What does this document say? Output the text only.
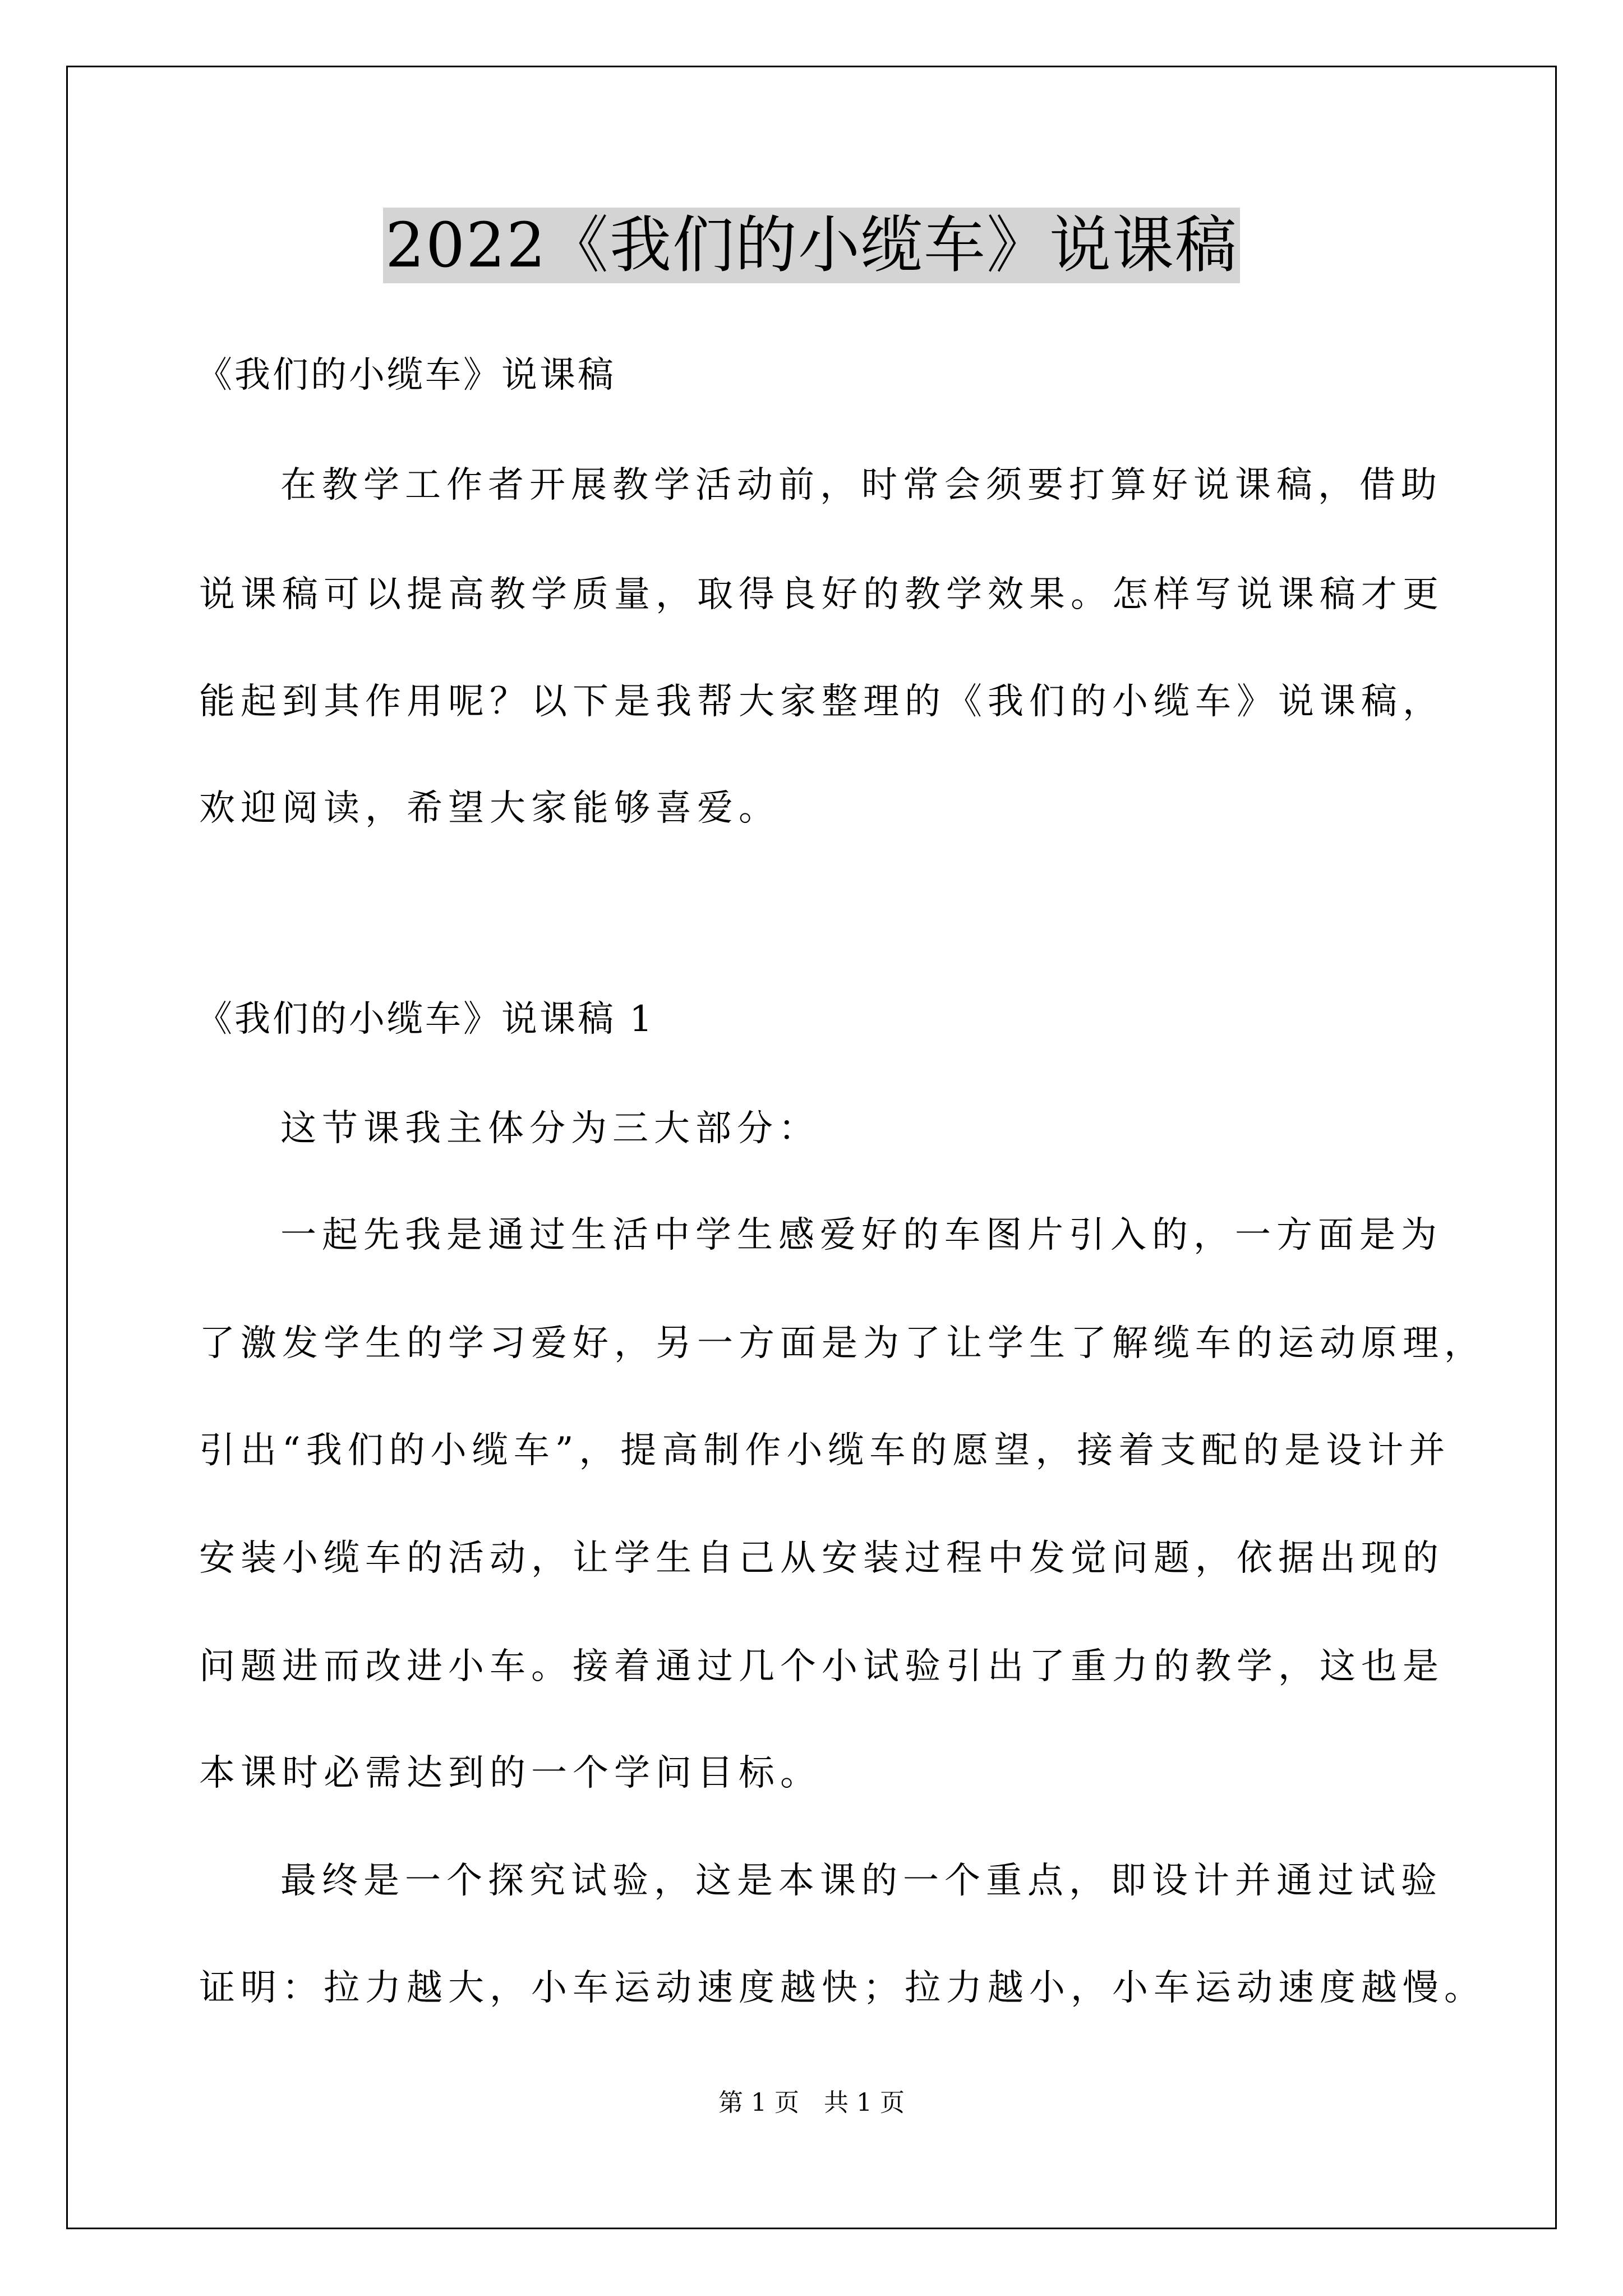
2022《我们的小缆车》说课稿
《我们的小缆车》说课稿
在教学工作者开展教学活动前，时常会须要打算好说课稿，借助
说课稿可以提高教学质量，取得良好的教学效果。怎样写说课稿才更
能起到其作用呢？以下是我帮大家整理的《我们的小缆车》说课稿，
欢迎阅读，希望大家能够喜爱。
《我们的小缆车》说课稿 1
这节课我主体分为三大部分：
一起先我是通过生活中学生感爱好的车图片引入的，一方面是为
了激发学生的学习爱好，另一方面是为了让学生了解缆车的运动原理，
引出“我们的小缆车”，提高制作小缆车的愿望，接着支配的是设计并
安装小缆车的活动，让学生自己从安装过程中发觉问题，依据出现的
问题进而改进小车。接着通过几个小试验引出了重力的教学，这也是
本课时必需达到的一个学问目标。
最终是一个探究试验，这是本课的一个重点，即设计并通过试验
证明：拉力越大，小车运动速度越快；拉力越小，小车运动速度越慢。
第 1 页　共 1 页
